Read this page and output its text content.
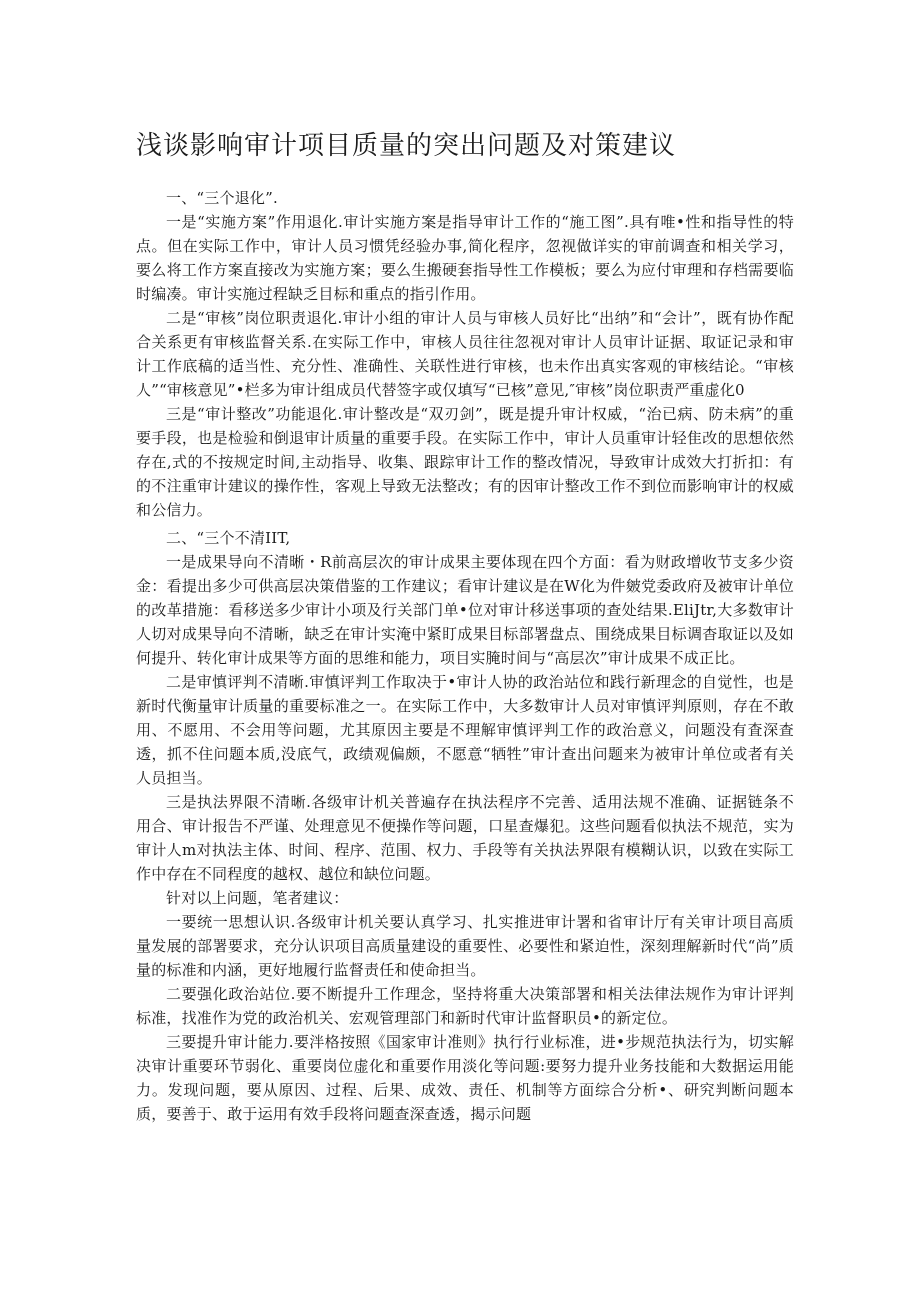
浅谈影响审计项目质量的突出问题及对策建议

一、“三个退化”.

一是“实施方案”作用退化.审计实施方案是指导审计工作的“施工图”.具有唯•性和指导性的特点。但在实际工作中，审计人员习惯凭经验办事,简化程序，忽视做详实的审前调查和相关学习，要么将工作方案直接改为实施方案；要么生搬硬套指导性工作模板；要么为应付审理和存档需要临时编凑。审计实施过程缺乏目标和重点的指引作用。

二是“审核”岗位职责退化.审计小组的审计人员与审核人员好比“出纳”和“会计”，既有协作配合关系更有审核监督关系.在实际工作中，审核人员往往忽视对审计人员审计证据、取证记录和审计工作底稿的适当性、充分性、准确性、关联性进行审核，也未作出真实客观的审核结论。“审核人”“审核意见”•栏多为审计组成员代替签字或仅填写“已核”意见,″审核”岗位职责严重虚化0

三是“审计整改”功能退化.审计整改是“双刃剑”，既是提升审计权威，“治已病、防未病”的重要手段，也是检验和倒退审计质量的重要手段。在实际工作中，审计人员重审计轻隹改的思想依然存在,式的不按规定时间,主动指导、收集、跟踪审计工作的整改情况，导致审计成效大打折扣：有的不注重审计建议的操作性，客观上导致无法整改；有的因审计整改工作不到位而影响审计的权威和公信力。

二、“三个不清IIT,

一是成果导向不清晰・R前高层次的审计成果主要体现在四个方面：看为财政增收节支多少资金：看提出多少可供高层决策借鉴的工作建议；看审计建议是在W化为件皴党委政府及被审计单位的改革措施：看移送多少审计小项及行关部门单•位对审计移送事项的查处结果.EliJtr,大多数审计人切对成果导向不清晰，缺乏在审计实淹中紧盯成果目标部署盘点、围绕成果目标调杳取证以及如何提升、转化审计成果等方面的思维和能力，项目实腌时间与“高层次”审计成果不成正比。

二是审慎评判不清晰.审慎评判工作取决于•审计人协的政治站位和践行新理念的自觉性，也是新时代衡量审计质量的重要标准之一。在实际工作中，大多数审计人员对审慎评判原则，存在不敢用、不愿用、不会用等问题，尤其原因主要是不理解审慎评判工作的政治意义，问题没有査深查透，抓不住问题本质,没底气，政绩观偏颇，不愿意“牺牲”审计查出问题来为被审计单位或者有关人员担当。

三是执法界限不清晰.各级审计机关普遍存在执法程序不完善、适用法规不准确、证据链条不用合、审计报告不严谨、处理意见不便操作等问题，口星查爆犯。这些问题看似执法不规范，实为审计人m对执法主体、时间、程序、范围、权力、手段等有关执法界限有模糊认识，以致在实际工作中存在不同程度的越权、越位和缺位问题。

针对以上问题，笔者建议：

一要统一思想认识.各级审计机关要认真学习、扎实推进审计署和省审计厅有关审计项目高质量发展的部署要求，充分认识项目高质量建设的重要性、必要性和紧迫性，深刻理解新时代“尚”质量的标准和内涵，更好地履行监督责任和使命担当。

二要强化政治站位.要不断提升工作理念，坚持将重大决策部署和相关法律法规作为审计评判标准，找准作为党的政治机关、宏观管理部门和新时代审计监督职员•的新定位。

三要提升审计能力.要泮格按照《国家审计准则》执行行业标准，进•步规范执法行为，切实解决审计重要环节弱化、重要岗位虚化和重要作用淡化等问题:要努力提升业务技能和大数据运用能力。发现问题，要从原因、过程、后果、成效、责任、机制等方面综合分析•、研究判断问题本质，要善于、敢于运用有效手段将问题查深查透，揭示问题
